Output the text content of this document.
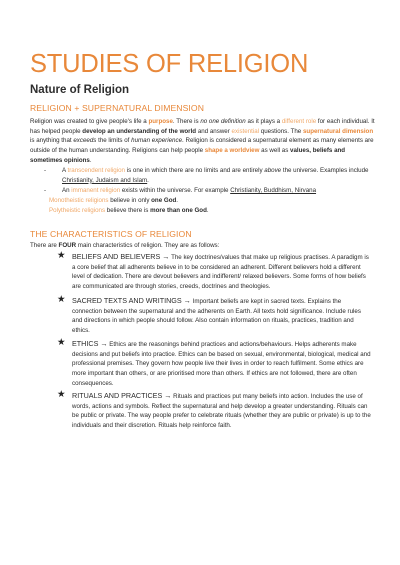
STUDIES OF RELIGION
Nature of Religion
RELIGION + SUPERNATURAL DIMENSION

Religion was created to give people's life a purpose. There is no one definition as it plays a different role for each individual. It has helped people develop an understanding of the world and answer existential questions. The supernatural dimension is anything that exceeds the limits of human experience. Religion is considered a supernatural element as many elements are outside of the human understanding. Religions can help people shape a worldview as well as values, beliefs and sometimes opinions.

-	A transcendent religion is one in which there are no limits and are entirely above the universe. Examples include Christianity, Judaism and Islam.
-	An immanent religion exists within the universe. For example Christianity, Buddhism, Nirvana
Monotheistic religions believe in only one God.
Polytheistic religions believe there is more than one God.
THE CHARACTERISTICS OF RELIGION

There are FOUR main characteristics of religion. They are as follows:

★ BELIEFS AND BELIEVERS → The key doctrines/values that make up religious practises. A paradigm is a core belief that all adherents believe in to be considered an adherent. Different believers hold a different level of dedication. There are devout believers and indifferent/ relaxed believers. Some forms of how beliefs are communicated are through stories, creeds, doctrines and theologies.
★ SACRED TEXTS AND WRITINGS → Important beliefs are kept in sacred texts. Explains the connection between the supernatural and the adherents on Earth. All texts hold significance. Include rules and directions in which people should follow. Also contain information on rituals, practices, tradition and ethics.
★ ETHICS → Ethics are the reasonings behind practices and actions/behaviours. Helps adherents make decisions and put beliefs into practice. Ethics can be based on sexual, environmental, biological, medical and professional premises. They govern how people live their lives in order to reach fulfilment. Some ethics are more important than others, or are prioritised more than others. If ethics are not followed, there are often consequences.
★ RITUALS AND PRACTICES → Rituals and practices put many beliefs into action. Includes the use of words, actions and symbols. Reflect the supernatural and help develop a greater understanding. Rituals can be public or private. The way people prefer to celebrate rituals (whether they are public or private) is up to the individuals and their discretion. Rituals help reinforce faith.
